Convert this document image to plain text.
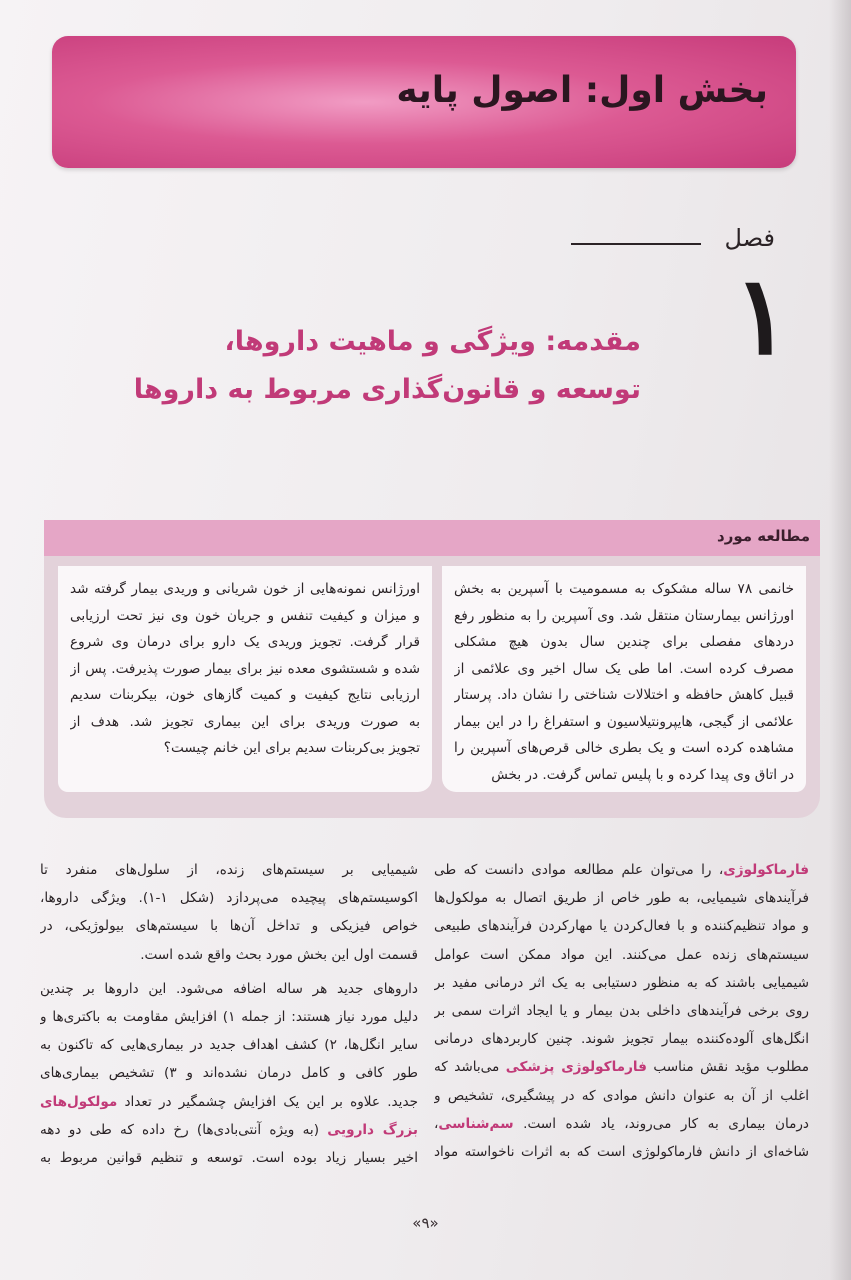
بخش اول: اصول پایه
فصل
۱
مقدمه: ویژگی و ماهیت داروها،
توسعه و قانون‌گذاری مربوط به داروها
مطالعه مورد
خانمی ۷۸ ساله مشکوک به مسمومیت با آسپرین به بخش
اورژانس بیمارستان منتقل شد. وی آسپرین را به منظور رفع
دردهای مفصلی برای چندین سال بدون هیچ مشکلی
مصرف کرده است. اما طی یک سال اخیر وی علائمی از
قبیل کاهش حافظه و اختلالات شناختی را نشان داد. پرستار
علائمی از گیجی، هایپرونتیلاسیون و استفراغ را در این بیمار
مشاهده کرده است و یک بطری خالی قرص‌های آسپرین را
در اتاق وی پیدا کرده و با پلیس تماس گرفت. در بخش
اورژانس نمونه‌هایی از خون شریانی و وریدی بیمار گرفته شد
و میزان و کیفیت تنفس و جریان خون وی نیز تحت ارزیابی
قرار گرفت. تجویز وریدی یک دارو برای درمان وی شروع
شده و شستشوی معده نیز برای بیمار صورت پذیرفت. پس از
ارزیابی نتایج کیفیت و کمیت گازهای خون، بیکربنات سدیم
به صورت وریدی برای این بیماری تجویز شد. هدف از
تجویز بی‌کربنات سدیم برای این خانم چیست؟
فارماکولوژی، را می‌توان علم مطالعه موادی دانست که طی
فرآیندهای شیمیایی، به طور خاص از طریق اتصال به مولکول‌ها
و مواد تنظیم‌کننده و با فعال‌کردن یا مهارکردن فرآیندهای طبیعی
سیستم‌های زنده عمل می‌کنند. این مواد ممکن است عوامل
شیمیایی باشند که به منظور دستیابی به یک اثر درمانی مفید بر
روی برخی فرآیندهای داخلی بدن بیمار و یا ایجاد اثرات سمی بر
انگل‌های آلوده‌کننده بیمار تجویز شوند. چنین کاربردهای درمانی
مطلوب مؤید نقش مناسب فارماکولوژی پزشکی می‌باشد که
اغلب از آن به عنوان دانش موادی که در پیشگیری، تشخیص و
درمان بیماری به کار می‌روند، یاد شده است. سم‌شناسی،
شاخه‌ای از دانش فارماکولوژی است که به اثرات ناخواسته مواد
شیمیایی بر سیستم‌های زنده، از سلول‌های منفرد تا
اکوسیستم‌های پیچیده می‌پردازد (شکل ۱-۱). ویژگی داروها،
خواص فیزیکی و تداخل آن‌ها با سیستم‌های بیولوژیکی، در
قسمت اول این بخش مورد بحث واقع شده است.
داروهای جدید هر ساله اضافه می‌شود. این داروها بر چندین
دلیل مورد نیاز هستند: از جمله ۱) افزایش مقاومت به باکتری‌ها و
سایر انگل‌ها، ۲) کشف اهداف جدید در بیماری‌هایی که تاکنون به
طور کافی و کامل درمان نشده‌اند و ۳) تشخیص بیماری‌های
جدید. علاوه بر این یک افزایش چشمگیر در تعداد مولکول‌های
بزرگ دارویی (به ویژه آنتی‌بادی‌ها) رخ داده که طی دو دهه
اخیر بسیار زیاد بوده است. توسعه و تنظیم قوانین مربوط به
«۹»
